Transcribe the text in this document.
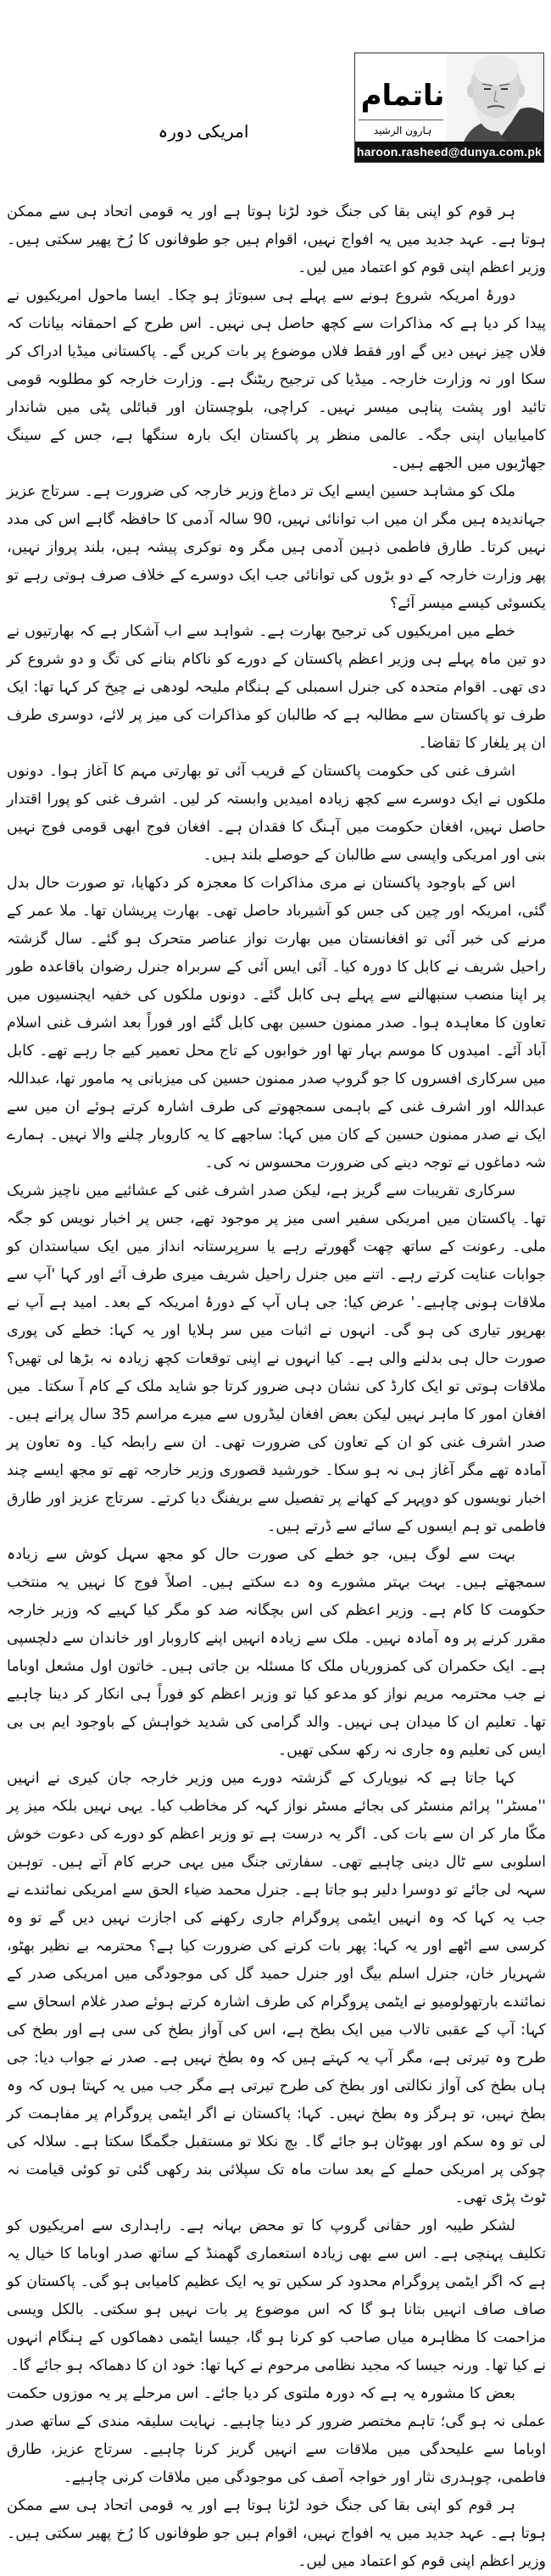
ناتمام
ہارون الرشید
haroon.rasheed@dunya.com.pk
امریکی دورہ

ہر قوم کو اپنی بقا کی جنگ خود لڑنا ہوتا ہے اور یہ قومی اتحاد ہی سے ممکن ہوتا ہے۔ عہد جدید میں یہ افواج نہیں، اقوام ہیں جو طوفانوں کا رُخ پھیر سکتی ہیں۔ وزیر اعظم اپنی قوم کو اعتماد میں لیں۔

دورۂ امریکہ شروع ہونے سے پہلے ہی سبوتاژ ہو چکا۔ ایسا ماحول امریکیوں نے پیدا کر دیا ہے کہ مذاکرات سے کچھ حاصل ہی نہیں۔ اس طرح کے احمقانہ بیانات کہ فلاں چیز نہیں دیں گے اور فقط فلاں موضوع پر بات کریں گے۔ پاکستانی میڈیا ادراک کر سکا اور نہ وزارت خارجہ۔ میڈیا کی ترجیح ریٹنگ ہے۔ وزارت خارجہ کو مطلوبہ قومی تائید اور پشت پناہی میسر نہیں۔ کراچی، بلوچستان اور قبائلی پٹی میں شاندار کامیابیاں اپنی جگہ۔ عالمی منظر پر پاکستان ایک بارہ سنگھا ہے، جس کے سینگ جھاڑیوں میں الجھے ہیں۔

ملک کو مشاہد حسین ایسے ایک تر دماغ وزیر خارجہ کی ضرورت ہے۔ سرتاج عزیز جہاندیدہ ہیں مگر ان میں اب توانائی نہیں، 90 سالہ آدمی کا حافظہ گاہے اس کی مدد نہیں کرتا۔ طارق فاطمی ذہین آدمی ہیں مگر وہ نوکری پیشہ ہیں، بلند پرواز نہیں، پھر وزارت خارجہ کے دو بڑوں کی توانائی جب ایک دوسرے کے خلاف صرف ہوتی رہے تو یکسوئی کیسے میسر آئے؟

خطے میں امریکیوں کی ترجیح بھارت ہے۔ شواہد سے اب آشکار ہے کہ بھارتیوں نے دو تین ماہ پہلے ہی وزیر اعظم پاکستان کے دورے کو ناکام بنانے کی تگ و دو شروع کر دی تھی۔ اقوام متحدہ کی جنرل اسمبلی کے ہنگام ملیحہ لودھی نے چیخ کر کہا تھا: ایک طرف تو پاکستان سے مطالبہ ہے کہ طالبان کو مذاکرات کی میز پر لائے، دوسری طرف ان پر یلغار کا تقاضا۔

اشرف غنی کی حکومت پاکستان کے قریب آئی تو بھارتی مہم کا آغاز ہوا۔ دونوں ملکوں نے ایک دوسرے سے کچھ زیادہ امیدیں وابستہ کر لیں۔ اشرف غنی کو پورا اقتدار حاصل نہیں، افغان حکومت میں آہنگ کا فقدان ہے۔ افغان فوج ابھی قومی فوج نہیں بنی اور امریکی واپسی سے طالبان کے حوصلے بلند ہیں۔

اس کے باوجود پاکستان نے مری مذاکرات کا معجزہ کر دکھایا، تو صورت حال بدل گئی، امریکہ اور چین کی جس کو آشیرباد حاصل تھی۔ بھارت پریشان تھا۔ ملا عمر کے مرنے کی خبر آئی تو افغانستان میں بھارت نواز عناصر متحرک ہو گئے۔ سال گزشتہ راحیل شریف نے کابل کا دورہ کیا۔ آئی ایس آئی کے سربراہ جنرل رضوان باقاعدہ طور پر اپنا منصب سنبھالنے سے پہلے ہی کابل گئے۔ دونوں ملکوں کی خفیہ ایجنسیوں میں تعاون کا معاہدہ ہوا۔ صدر ممنون حسین بھی کابل گئے اور فوراً بعد اشرف غنی اسلام آباد آئے۔ امیدوں کا موسم بہار تھا اور خوابوں کے تاج محل تعمیر کیے جا رہے تھے۔ کابل میں سرکاری افسروں کا جو گروپ صدر ممنون حسین کی میزبانی پہ مامور تھا، عبداللہ عبداللہ اور اشرف غنی کے باہمی سمجھوتے کی طرف اشارہ کرتے ہوئے ان میں سے ایک نے صدر ممنون حسین کے کان میں کہا: ساجھے کا یہ کاروبار چلنے والا نہیں۔ ہمارے شہ دماغوں نے توجہ دینے کی ضرورت محسوس نہ کی۔

سرکاری تقریبات سے گریز ہے، لیکن صدر اشرف غنی کے عشائیے میں ناچیز شریک تھا۔ پاکستان میں امریکی سفیر اسی میز پر موجود تھے، جس پر اخبار نویس کو جگہ ملی۔ رعونت کے ساتھ چھت گھورتے رہے یا سرپرستانہ انداز میں ایک سیاستدان کو جوابات عنایت کرتے رہے۔ اتنے میں جنرل راحیل شریف میری طرف آئے اور کہا 'آپ سے ملاقات ہونی چاہیے۔' عرض کیا: جی ہاں آپ کے دورۂ امریکہ کے بعد۔ امید ہے آپ نے بھرپور تیاری کی ہو گی۔ انہوں نے اثبات میں سر ہلایا اور یہ کہا: خطے کی پوری صورت حال ہی بدلنے والی ہے۔ کیا انہوں نے اپنی توقعات کچھ زیادہ نہ بڑھا لی تھیں؟ ملاقات ہوتی تو ایک کارڈ کی نشان دہی ضرور کرتا جو شاید ملک کے کام آ سکتا۔ میں افغان امور کا ماہر نہیں لیکن بعض افغان لیڈروں سے میرے مراسم 35 سال پرانے ہیں۔ صدر اشرف غنی کو ان کے تعاون کی ضرورت تھی۔ ان سے رابطہ کیا۔ وہ تعاون پر آمادہ تھے مگر آغاز ہی نہ ہو سکا۔ خورشید قصوری وزیر خارجہ تھے تو مجھ ایسے چند اخبار نویسوں کو دوپہر کے کھانے پر تفصیل سے بریفنگ دیا کرتے۔ سرتاج عزیز اور طارق فاطمی تو ہم ایسوں کے سائے سے ڈرتے ہیں۔

بہت سے لوگ ہیں، جو خطے کی صورت حال کو مجھ سہل کوش سے زیادہ سمجھتے ہیں۔ بہت بہتر مشورے وہ دے سکتے ہیں۔ اصلاً فوج کا نہیں یہ منتخب حکومت کا کام ہے۔ وزیر اعظم کی اس بچگانہ ضد کو مگر کیا کہیے کہ وزیر خارجہ مقرر کرنے پر وہ آمادہ نہیں۔ ملک سے زیادہ انہیں اپنے کاروبار اور خاندان سے دلچسپی ہے۔ ایک حکمران کی کمزوریاں ملک کا مسئلہ بن جاتی ہیں۔ خاتون اول مشعل اوباما نے جب محترمہ مریم نواز کو مدعو کیا تو وزیر اعظم کو فوراً ہی انکار کر دینا چاہیے تھا۔ تعلیم ان کا میدان ہی نہیں۔ والد گرامی کی شدید خواہش کے باوجود ایم بی بی ایس کی تعلیم وہ جاری نہ رکھ سکی تھیں۔

کہا جاتا ہے کہ نیویارک کے گزشتہ دورے میں وزیر خارجہ جان کیری نے انہیں ''مسٹر'' پرائم منسٹر کی بجائے مسٹر نواز کہہ کر مخاطب کیا۔ یہی نہیں بلکہ میز پر مکّا مار کر ان سے بات کی۔ اگر یہ درست ہے تو وزیر اعظم کو دورے کی دعوت خوش اسلوبی سے ٹال دینی چاہیے تھی۔ سفارتی جنگ میں یہی حربے کام آتے ہیں۔ توہین سہہ لی جائے تو دوسرا دلیر ہو جاتا ہے۔ جنرل محمد ضیاء الحق سے امریکی نمائندے نے جب یہ کہا کہ وہ انہیں ایٹمی پروگرام جاری رکھنے کی اجازت نہیں دیں گے تو وہ کرسی سے اٹھے اور یہ کہا: پھر بات کرنے کی ضرورت کیا ہے؟ محترمہ بے نظیر بھٹو، شہریار خان، جنرل اسلم بیگ اور جنرل حمید گل کی موجودگی میں امریکی صدر کے نمائندے بارتھولومیو نے ایٹمی پروگرام کی طرف اشارہ کرتے ہوئے صدر غلام اسحاق سے کہا: آپ کے عقبی تالاب میں ایک بطخ ہے، اس کی آواز بطخ کی سی ہے اور بطخ کی طرح وہ تیرتی ہے، مگر آپ یہ کہتے ہیں کہ وہ بطخ نہیں ہے۔ صدر نے جواب دیا: جی ہاں بطخ کی آواز نکالتی اور بطخ کی طرح تیرتی ہے مگر جب میں یہ کہتا ہوں کہ وہ بطخ نہیں، تو ہرگز وہ بطخ نہیں۔ کہا: پاکستان نے اگر ایٹمی پروگرام پر مفاہمت کر لی تو وہ سکم اور بھوٹان ہو جائے گا۔ بچ نکلا تو مستقبل جگمگا سکتا ہے۔ سلالہ کی چوکی پر امریکی حملے کے بعد سات ماہ تک سپلائی بند رکھی گئی تو کوئی قیامت نہ ٹوٹ پڑی تھی۔

لشکر طیبہ اور حقانی گروپ کا تو محض بہانہ ہے۔ راہداری سے امریکیوں کو تکلیف پہنچی ہے۔ اس سے بھی زیادہ استعماری گھمنڈ کے ساتھ صدر اوباما کا خیال یہ ہے کہ اگر ایٹمی پروگرام محدود کر سکیں تو یہ ایک عظیم کامیابی ہو گی۔ پاکستان کو صاف صاف انہیں بتانا ہو گا کہ اس موضوع پر بات نہیں ہو سکتی۔ بالکل ویسی مزاحمت کا مظاہرہ میاں صاحب کو کرنا ہو گا، جیسا ایٹمی دھماکوں کے ہنگام انہوں نے کیا تھا۔ ورنہ جیسا کہ مجید نظامی مرحوم نے کہا تھا: خود ان کا دھماکہ ہو جائے گا۔

بعض کا مشورہ یہ ہے کہ دورہ ملتوی کر دیا جائے۔ اس مرحلے پر یہ موزوں حکمت عملی نہ ہو گی؛ تاہم مختصر ضرور کر دینا چاہیے۔ نہایت سلیقہ مندی کے ساتھ صدر اوباما سے علیحدگی میں ملاقات سے انہیں گریز کرنا چاہیے۔ سرتاج عزیز، طارق فاطمی، چوہدری نثار اور خواجہ آصف کی موجودگی میں ملاقات کرنی چاہیے۔

ہر قوم کو اپنی بقا کی جنگ خود لڑنا ہوتا ہے اور یہ قومی اتحاد ہی سے ممکن ہوتا ہے۔ عہد جدید میں یہ افواج نہیں، اقوام ہیں جو طوفانوں کا رُخ پھیر سکتی ہیں۔ وزیر اعظم اپنی قوم کو اعتماد میں لیں۔
